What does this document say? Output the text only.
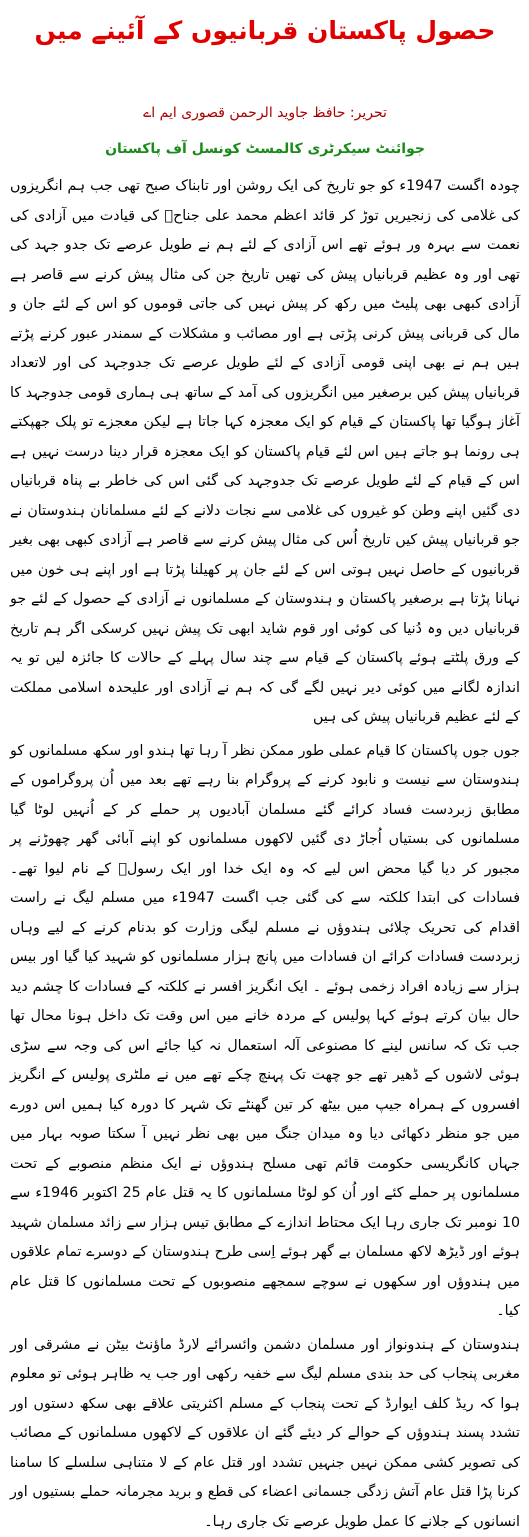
حصول پاکستان قربانیوں کے آئینے میں
تحریر: حافظ جاوید الرحمن قصوری ایم اے
جوائنٹ سیکرٹری کالمسٹ کونسل آف پاکستان

چودہ اگست 1947ء کو جو تاریخ کی ایک روشن اور تابناک صبح تھی جب ہم انگریزوں کی غلامی کی زنجیریں توڑ کر قائد اعظم محمد علی جناحؒ کی قیادت میں آزادی کی نعمت سے بہرہ ور ہوئے تھے اس آزادی کے لئے ہم نے طویل عرصے تک جدو جہد کی تھی اور وہ عظیم قربانیاں پیش کی تھیں تاریخ جن کی مثال پیش کرنے سے قاصر ہے آزادی کبھی بھی پلیٹ میں رکھ کر پیش نہیں کی جاتی قوموں کو اس کے لئے جان و مال کی قربانی پیش کرنی پڑتی ہے اور مصائب و مشکلات کے سمندر عبور کرنے پڑتے ہیں ہم نے بھی اپنی قومی آزادی کے لئے طویل عرصے تک جدوجہد کی اور لاتعداد قربانیاں پیش کیں برصغیر میں انگریزوں کی آمد کے ساتھ ہی ہماری قومی جدوجہد کا آغاز ہوگیا تھا پاکستان کے قیام کو ایک معجزہ کہا جاتا ہے لیکن معجزے تو پلک جھپکتے ہی رونما ہو جاتے ہیں اس لئے قیام پاکستان کو ایک معجزہ قرار دینا درست نہیں ہے اس کے قیام کے لئے طویل عرصے تک جدوجہد کی گئی اس کی خاطر بے پناہ قربانیاں دی گئیں اپنے وطن کو غیروں کی غلامی سے نجات دلانے کے لئے مسلمانان ہندوستان نے جو قربانیاں پیش کیں تاریخ اُس کی مثال پیش کرنے سے قاصر ہے آزادی کبھی بھی بغیر قربانیوں کے حاصل نہیں ہوتی اس کے لئے جان پر کھیلنا پڑتا ہے اور اپنے ہی خون میں نہانا پڑتا ہے برصغیر پاکستان و ہندوستان کے مسلمانوں نے آزادی کے حصول کے لئے جو قربانیاں دیں وہ دُنیا کی کوئی اور قوم شاید ابھی تک پیش نہیں کرسکی اگر ہم تاریخ کے ورق پلٹتے ہوئے پاکستان کے قیام سے چند سال پہلے کے حالات کا جائزہ لیں تو یہ اندازہ لگانے میں کوئی دیر نہیں لگے گی کہ ہم نے آزادی اور علیحدہ اسلامی مملکت کے لئے عظیم قربانیاں پیش کی ہیں

جوں جوں پاکستان کا قیام عملی طور ممکن نظر آ رہا تھا ہندو اور سکھ مسلمانوں کو ہندوستان سے نیست و نابود کرنے کے پروگرام بنا رہے تھے بعد میں اُن پروگراموں کے مطابق زبردست فساد کرائے گئے مسلمان آبادیوں پر حملے کر کے اُنہیں لوٹا گیا مسلمانوں کی بستیاں اُجاڑ دی گئیں لاکھوں مسلمانوں کو اپنے آبائی گھر چھوڑنے پر مجبور کر دیا گیا محض اس لیے کہ وہ ایک خدا اور ایک رسولؐ کے نام لیوا تھے۔ فسادات کی ابتدا کلکتہ سے کی گئی جب اگست 1947ء میں مسلم لیگ نے راست اقدام کی تحریک چلائی ہندوؤں نے مسلم لیگی وزارت کو بدنام کرنے کے لیے وہاں زبردست فسادات کرائے ان فسادات میں پانچ ہزار مسلمانوں کو شہید کیا گیا اور بیس ہزار سے زیادہ افراد زخمی ہوئے ۔ ایک انگریز افسر نے کلکتہ کے فسادات کا چشم دید حال بیان کرتے ہوئے کہا پولیس کے مردہ خانے میں اس وقت تک داخل ہونا محال تھا جب تک کہ سانس لینے کا مصنوعی آلہ استعمال نہ کیا جائے اس کی وجہ سے سڑی ہوئی لاشوں کے ڈھیر تھے جو چھت تک پہنچ چکے تھے میں نے ملٹری پولیس کے انگریز افسروں کے ہمراہ جیپ میں بیٹھ کر تین گھنٹے تک شہر کا دورہ کیا ہمیں اس دورے میں جو منظر دکھائی دیا وہ میدان جنگ میں بھی نظر نہیں آ سکتا صوبہ بہار میں جہاں کانگریسی حکومت قائم تھی مسلح ہندوؤں نے ایک منظم منصوبے کے تحت مسلمانوں پر حملے کئے اور اُن کو لوٹا مسلمانوں کا یہ قتل عام 25 اکتوبر 1946ء سے 10 نومبر تک جاری رہا ایک محتاط اندازے کے مطابق تیس ہزار سے زائد مسلمان شہید ہوئے اور ڈیڑھ لاکھ مسلمان بے گھر ہوئے اِسی طرح ہندوستان کے دوسرے تمام علاقوں میں ہندوؤں اور سکھوں نے سوچے سمجھے منصوبوں کے تحت مسلمانوں کا قتل عام کیا۔

ہندوستان کے ہندونواز اور مسلمان دشمن وائسرائے لارڈ ماؤنٹ بیٹن نے مشرقی اور مغربی پنجاب کی حد بندی مسلم لیگ سے خفیہ رکھی اور جب یہ ظاہر ہوئی تو معلوم ہوا کہ ریڈ کلف ایوارڈ کے تحت پنجاب کے مسلم اکثریتی علاقے بھی سکھ دستوں اور تشدد پسند ہندوؤں کے حوالے کر دیئے گئے ان علاقوں کے لاکھوں مسلمانوں کے مصائب کی تصویر کشی ممکن نہیں جنہیں تشدد اور قتل عام کے لا متناہی سلسلے کا سامنا کرنا پڑا قتل عام آتش زدگی جسمانی اعضاء کی قطع و برید مجرمانہ حملے بستیوں اور انسانوں کے جلانے کا عمل طویل عرصے تک جاری رہا۔
